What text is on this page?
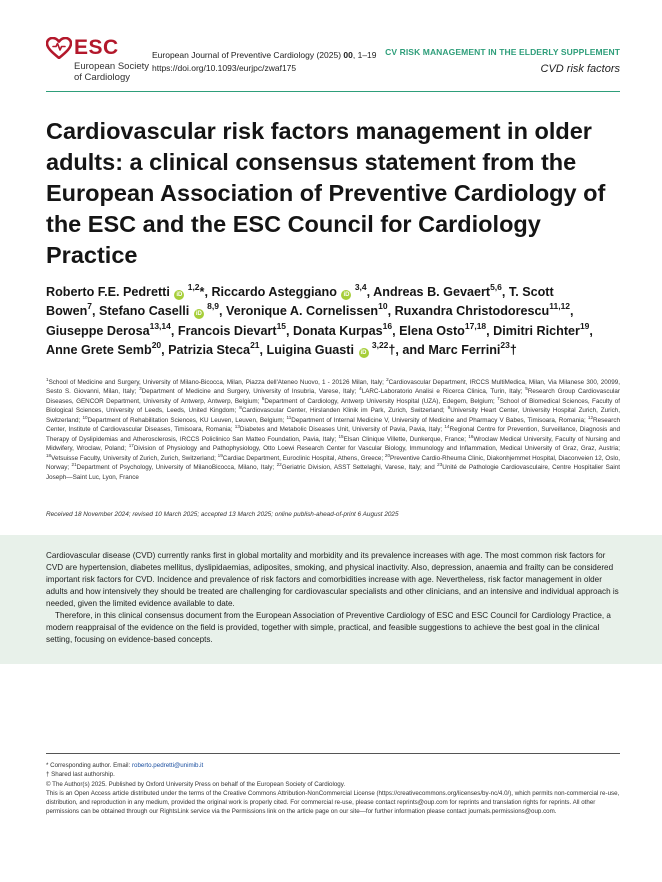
ESC
European Society
of Cardiology
European Journal of Preventive Cardiology (2025) 00, 1–19
https://doi.org/10.1093/eurjpc/zwaf175
CV RISK MANAGEMENT IN THE ELDERLY SUPPLEMENT
CVD risk factors
Cardiovascular risk factors management in older adults: a clinical consensus statement from the European Association of Preventive Cardiology of the ESC and the ESC Council for Cardiology Practice
Roberto F.E. Pedretti iD $^{1,2}$*, Riccardo Asteggiano iD $^{3,4}$, Andreas B. Gevaert$^{5,6}$, T. Scott Bowen$^7$, Stefano Caselli iD $^{8,9}$, Veronique A. Cornelissen$^{10}$, Ruxandra Christodorescu$^{11,12}$, Giuseppe Derosa$^{13,14}$, Francois Dievart$^{15}$, Donata Kurpas$^{16}$, Elena Osto$^{17,18}$, Dimitri Richter$^{19}$, Anne Grete Semb$^{20}$, Patrizia Steca$^{21}$, Luigina Guasti iD $^{3,22}$†, and Marc Ferrini$^{23}$†
$^1$School of Medicine and Surgery, University of Milano-Bicocca, Milan, Piazza dell'Ateneo Nuovo, 1 - 20126 Milan, Italy; $^2$Cardiovascular Department, IRCCS MultiMedica, Milan, Via Milanese 300, 20099, Sesto S. Giovanni, Milan, Italy; $^3$Department of Medicine and Surgery, University of Insubria, Varese, Italy; $^4$LARC-Laboratorio Analisi e Ricerca Clinica, Turin, Italy; $^5$Research Group Cardiovascular Diseases, GENCOR Department, University of Antwerp, Antwerp, Belgium; $^6$Department of Cardiology, Antwerp University Hospital (UZA), Edegem, Belgium; $^7$School of Biomedical Sciences, Faculty of Biological Sciences, University of Leeds, Leeds, United Kingdom; $^8$Cardiovascular Center, Hirslanden Klinik im Park, Zurich, Switzerland; $^9$University Heart Center, University Hospital Zurich, Zurich, Switzerland; $^{10}$Department of Rehabilitation Sciences, KU Leuven, Leuven, Belgium; $^{11}$Department of Internal Medicine V, University of Medicine and Pharmacy V Babes, Timisoara, Romania; $^{12}$Research Center, Institute of Cardiovascular Diseases, Timisoara, Romania; $^{13}$Diabetes and Metabolic Diseases Unit, University of Pavia, Pavia, Italy; $^{14}$Regional Centre for Prevention, Surveillance, Diagnosis and Therapy of Dyslipidemias and Atherosclerosis, IRCCS Policlinico San Matteo Foundation, Pavia, Italy; $^{15}$Elsan Clinique Villette, Dunkerque, France; $^{16}$Wroclaw Medical University, Faculty of Nursing and Midwifery, Wroclaw, Poland; $^{17}$Division of Physiology and Pathophysiology, Otto Loewi Research Center for Vascular Biology, Immunology and Inflammation, Medical University of Graz, Graz, Austria; $^{18}$Vetsuisse Faculty, University of Zurich, Zurich, Switzerland; $^{19}$Cardiac Department, Euroclinic Hospital, Athens, Greece; $^{20}$Preventive Cardio-Rheuma Clinic, Diakonhjemmet Hospital, Diaconveien 12, Oslo, Norway; $^{21}$Department of Psychology, University of MilanoBicocca, Milano, Italy; $^{22}$Geriatric Division, ASST Settelaghi, Varese, Italy; and $^{23}$Unité de Pathologie Cardiovasculaire, Centre Hospitalier Saint Joseph—Saint Luc, Lyon, France
Received 18 November 2024; revised 10 March 2025; accepted 13 March 2025; online publish-ahead-of-print 6 August 2025

Cardiovascular disease (CVD) currently ranks first in global mortality and morbidity and its prevalence increases with age. The most common risk factors for CVD are hypertension, diabetes mellitus, dyslipidaemias, adiposites, smoking, and physical inactivity. Also, depression, anaemia and frailty can be considered important risk factors for CVD. Incidence and prevalence of risk factors and comorbidities increase with age. Nevertheless, risk factor management in older adults and how intensively they should be treated are challenging for cardiovascular specialists and other clinicians, and an intensive and individual approach is needed, given the limited evidence available to date.

Therefore, in this clinical consensus document from the European Association of Preventive Cardiology of ESC and ESC Council for Cardiology Practice, a modern reappraisal of the evidence on the field is provided, together with simple, practical, and feasible suggestions to achieve the best goal in the clinical setting, focusing on evidence-based concepts.

* Corresponding author. Email: roberto.pedretti@unimib.it
† Shared last authorship.
© The Author(s) 2025. Published by Oxford University Press on behalf of the European Society of Cardiology.
This is an Open Access article distributed under the terms of the Creative Commons Attribution-NonCommercial License (https://creativecommons.org/licenses/by-nc/4.0/), which permits non-commercial re-use, distribution, and reproduction in any medium, provided the original work is properly cited. For commercial re-use, please contact reprints@oup.com for reprints and translation rights for reprints. All other permissions can be obtained through our RightsLink service via the Permissions link on the article page on our site—for further information please contact journals.permissions@oup.com.
